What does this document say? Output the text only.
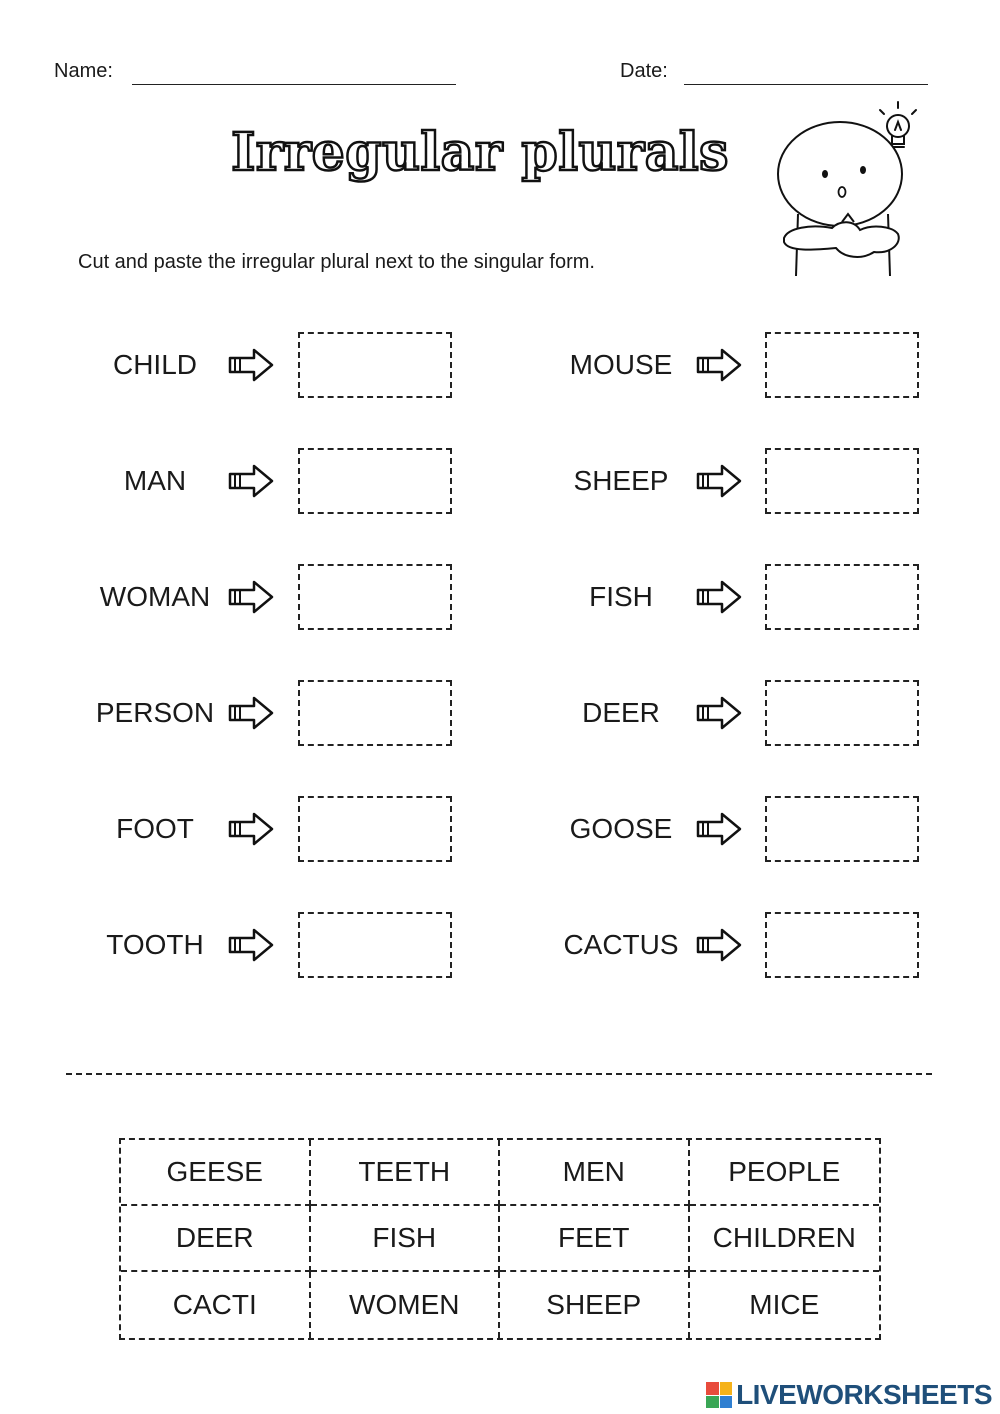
Name:	Date:
Irregular plurals
Cut and paste the irregular plural next to the singular form.
CHILD
MAN
WOMAN
PERSON
FOOT
TOOTH
MOUSE
SHEEP
FISH
DEER
GOOSE
CACTUS
GEESE	TEETH	MEN	PEOPLE
DEER	FISH	FEET	CHILDREN
CACTI	WOMEN	SHEEP	MICE
LIVEWORKSHEETS
